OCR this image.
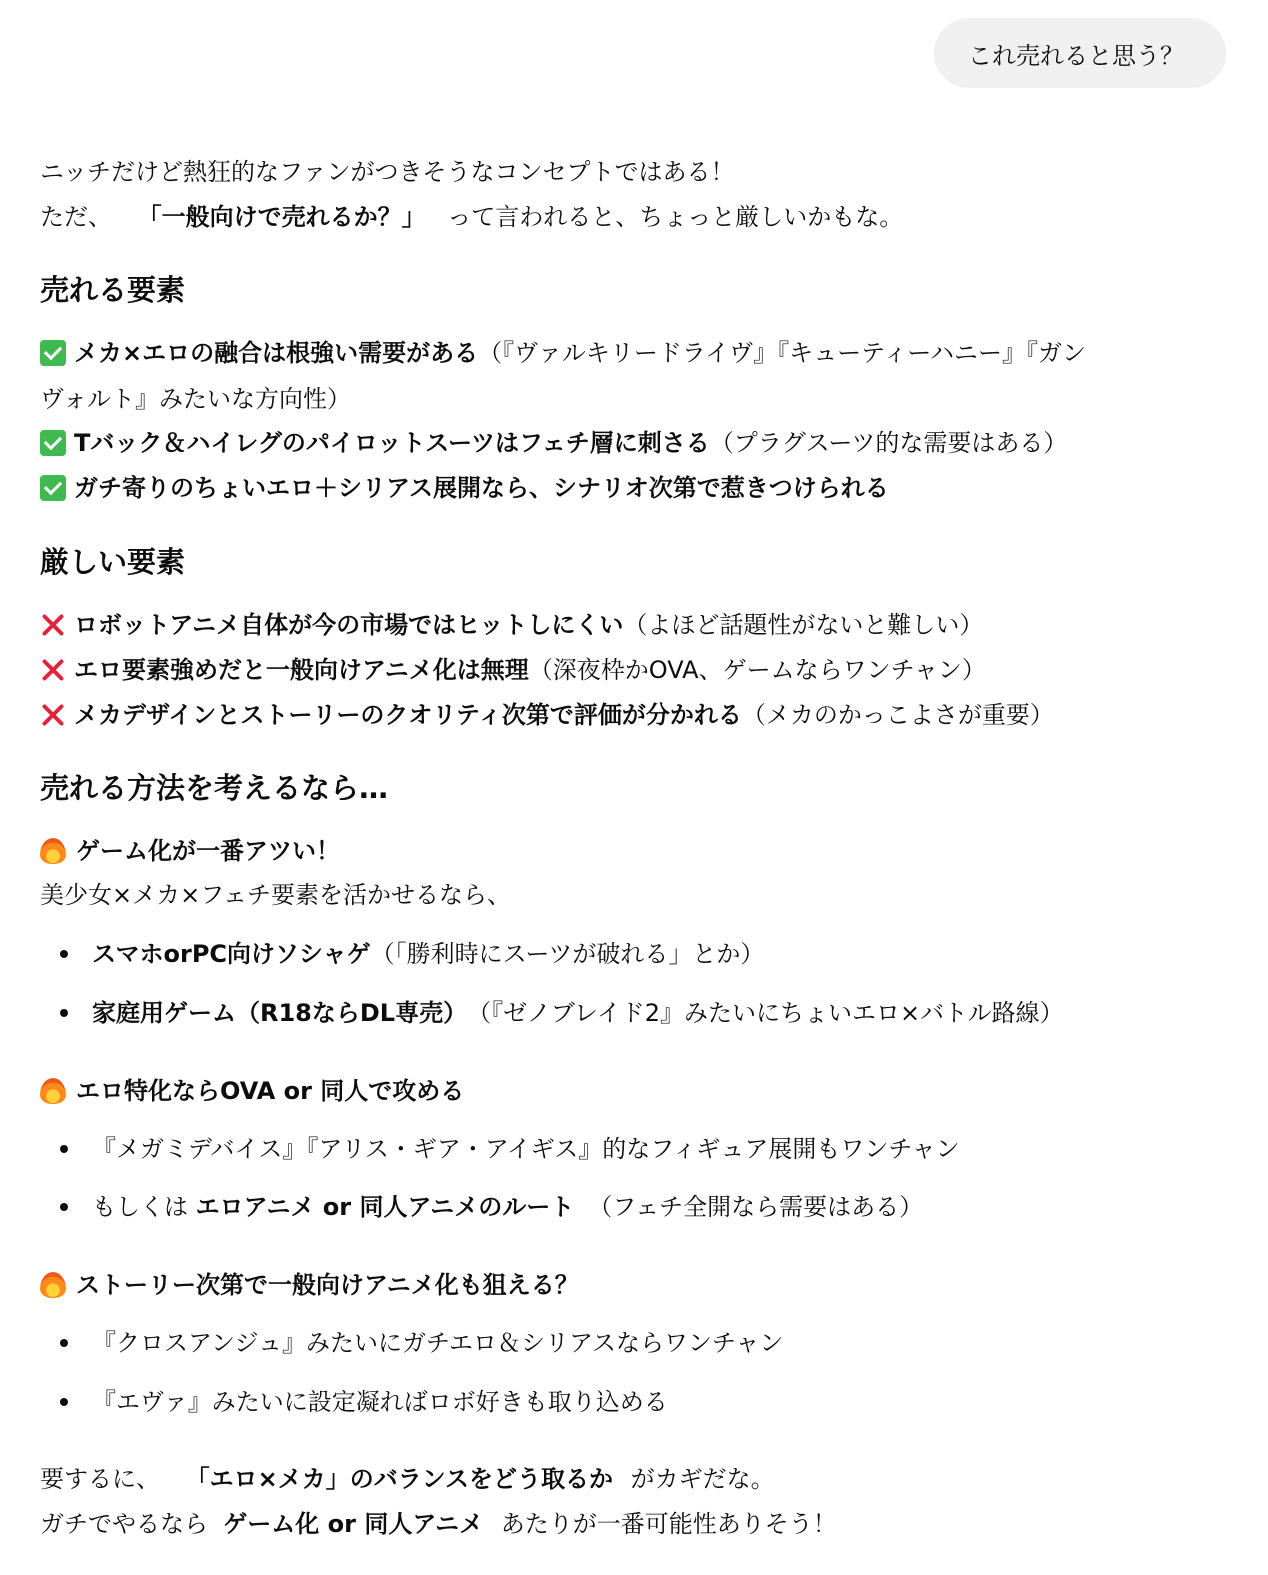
これ売れると思う？
ニッチだけど熱狂的なファンがつきそうなコンセプトではある！
ただ、 「一般向けで売れるか？」 って言われると、ちょっと厳しいかもな。
売れる要素
メカ×エロの融合は根強い需要がある （『ヴァルキリードライヴ』『キューティーハニー』『ガン
ヴォルト』みたいな方向性）
Tバック＆ハイレグのパイロットスーツはフェチ層に刺さる （プラグスーツ的な需要はある）
ガチ寄りのちょいエロ＋シリアス展開なら、シナリオ次第で惹きつけられる
厳しい要素
ロボットアニメ自体が今の市場ではヒットしにくい （よほど話題性がないと難しい）
エロ要素強めだと一般向けアニメ化は無理 （深夜枠かOVA、ゲームならワンチャン）
メカデザインとストーリーのクオリティ次第で評価が分かれる （メカのかっこよさが重要）
売れる方法を考えるなら…
ゲーム化が一番アツい！
美少女×メカ×フェチ要素を活かせるなら、
スマホorPC向けソシャゲ （「勝利時にスーツが破れる」とか）
家庭用ゲーム（R18ならDL専売） （『ゼノブレイド2』みたいにちょいエロ×バトル路線）
エロ特化ならOVA or 同人で攻める
『メガミデバイス』『アリス・ギア・アイギス』的なフィギュア展開もワンチャン
もしくは エロアニメ or 同人アニメのルート （フェチ全開なら需要はある）
ストーリー次第で一般向けアニメ化も狙える？
『クロスアンジュ』みたいにガチエロ＆シリアスならワンチャン
『エヴァ』みたいに設定凝ればロボ好きも取り込める
要するに、 「エロ×メカ」のバランスをどう取るか がカギだな。
ガチでやるなら  ゲーム化 or 同人アニメ あたりが一番可能性ありそう！
